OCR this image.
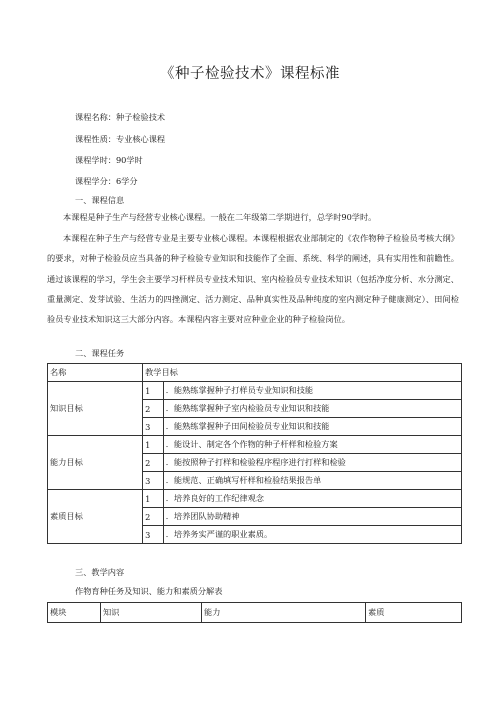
《种子检验技术》课程标准
课程名称：种子检验技术
课程性质：专业核心课程
课程学时：90学时
课程学分：6学分
一、课程信息

本课程是种子生产与经营专业核心课程。一般在二年级第二学期进行，总学时90学时。

本课程在种子生产与经营专业是主要专业核心课程。本课程根据农业部制定的《农作物种子检验员考核大纲》的要求，对种子检验员应当具备的种子检验专业知识和技能作了全面、系统、科学的阐述，具有实用性和前瞻性。通过该课程的学习，学生会主要学习杆样员专业技术知识、室内检验员专业技术知识（包括净度分析、水分测定、重量测定、发芽试验、生活力的四挫测定、活力测定、品种真实性及品种纯度的室内测定种子健康测定）、田间检验员专业技术知识这三大部分内容。本课程内容主要对应种业企业的种子检验岗位。

二、课程任务
名称	教学目标	
知识目标	1	．能熟练掌握种子打样员专业知识和技能
	2	．能熟练掌握种子室内检验员专业知识和技能
	3	．能熟练掌握种子田间检验员专业知识和技能
能力目标	1	．能设计、制定各个作物的种子杆样和检验方案
	2	．能按照种子打样和检验程序程序进行打样和检验
	3	．能规范、正确填写杆样和检验结果报告单
素质目标	1	．培养良好的工作纪律观念
	2	．培养团队协助精神
	3	．培养务实严谨的职业素质。
三、教学内容
作物育种任务及知识、能力和素质分解表
模块	知识	能力	素质
